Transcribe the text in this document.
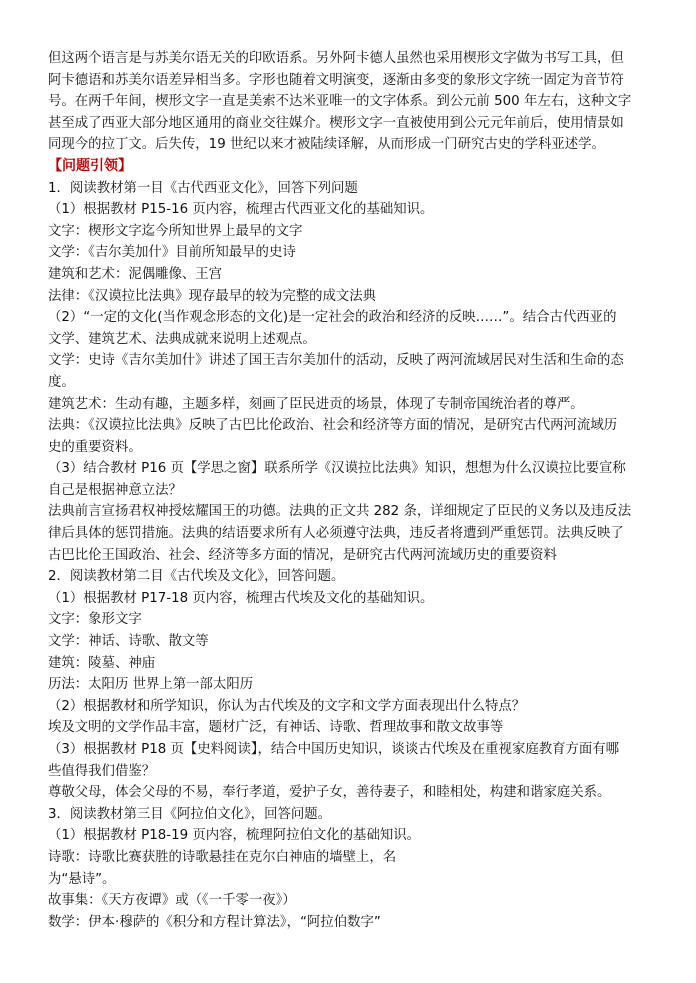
但这两个语言是与苏美尔语无关的印欧语系。另外阿卡德人虽然也采用楔形文字做为书写工具，但

阿卡德语和苏美尔语差异相当多。字形也随着文明演变，逐渐由多变的象形文字统一固定为音节符

号。在两千年间，楔形文字一直是美索不达米亚唯一的文字体系。到公元前 500 年左右，这种文字

甚至成了西亚大部分地区通用的商业交往媒介。楔形文字一直被使用到公元元年前后，使用情景如

同现今的拉丁文。后失传，19 世纪以来才被陆续译解，从而形成一门研究古史的学科亚述学。

【问题引领】

1．阅读教材第一目《古代西亚文化》，回答下列问题

（1）根据教材 P15-16 页内容，梳理古代西亚文化的基础知识。

文字：楔形文字迄今所知世界上最早的文字

文学：《吉尔美加什》目前所知最早的史诗

建筑和艺术：泥偶雕像、王宫

法律：《汉谟拉比法典》现存最早的较为完整的成文法典

（2）“一定的文化(当作观念形态的文化)是一定社会的政治和经济的反映……”。结合古代西亚的

文学、建筑艺术、法典成就来说明上述观点。

文学：史诗《吉尔美加什》讲述了国王吉尔美加什的活动，反映了两河流域居民对生活和生命的态

度。

建筑艺术：生动有趣，主题多样，刻画了臣民进贡的场景，体现了专制帝国统治者的尊严。

法典：《汉谟拉比法典》反映了古巴比伦政治、社会和经济等方面的情况，是研究古代两河流域历

史的重要资料。

（3）结合教材 P16 页【学思之窗】联系所学《汉谟拉比法典》知识，想想为什么汉谟拉比要宣称

自己是根据神意立法？

法典前言宣扬君权神授炫耀国王的功德。法典的正文共 282 条，详细规定了臣民的义务以及违反法

律后具体的惩罚措施。法典的结语要求所有人必须遵守法典，违反者将遭到严重惩罚。法典反映了

古巴比伦王国政治、社会、经济等多方面的情况，是研究古代两河流域历史的重要资料

2．阅读教材第二目《古代埃及文化》，回答问题。

（1）根据教材 P17-18 页内容，梳理古代埃及文化的基础知识。

文字：象形文字

文学：神话、诗歌、散文等

建筑：陵墓、神庙

历法：太阳历 世界上第一部太阳历

（2）根据教材和所学知识，你认为古代埃及的文字和文学方面表现出什么特点？

埃及文明的文学作品丰富，题材广泛，有神话、诗歌、哲理故事和散文故事等

（3）根据教材 P18 页【史料阅读】，结合中国历史知识，谈谈古代埃及在重视家庭教育方面有哪

些值得我们借鉴？

尊敬父母，体会父母的不易，奉行孝道，爱护子女，善待妻子，和睦相处，构建和谐家庭关系。

3．阅读教材第三目《阿拉伯文化》，回答问题。

（1）根据教材 P18-19 页内容，梳理阿拉伯文化的基础知识。

诗歌：诗歌比赛获胜的诗歌悬挂在克尔白神庙的墙壁上，名

为“悬诗”。

故事集：《天方夜谭》或（《一千零一夜》）

数学：伊本·穆萨的《积分和方程计算法》，“阿拉伯数字”
